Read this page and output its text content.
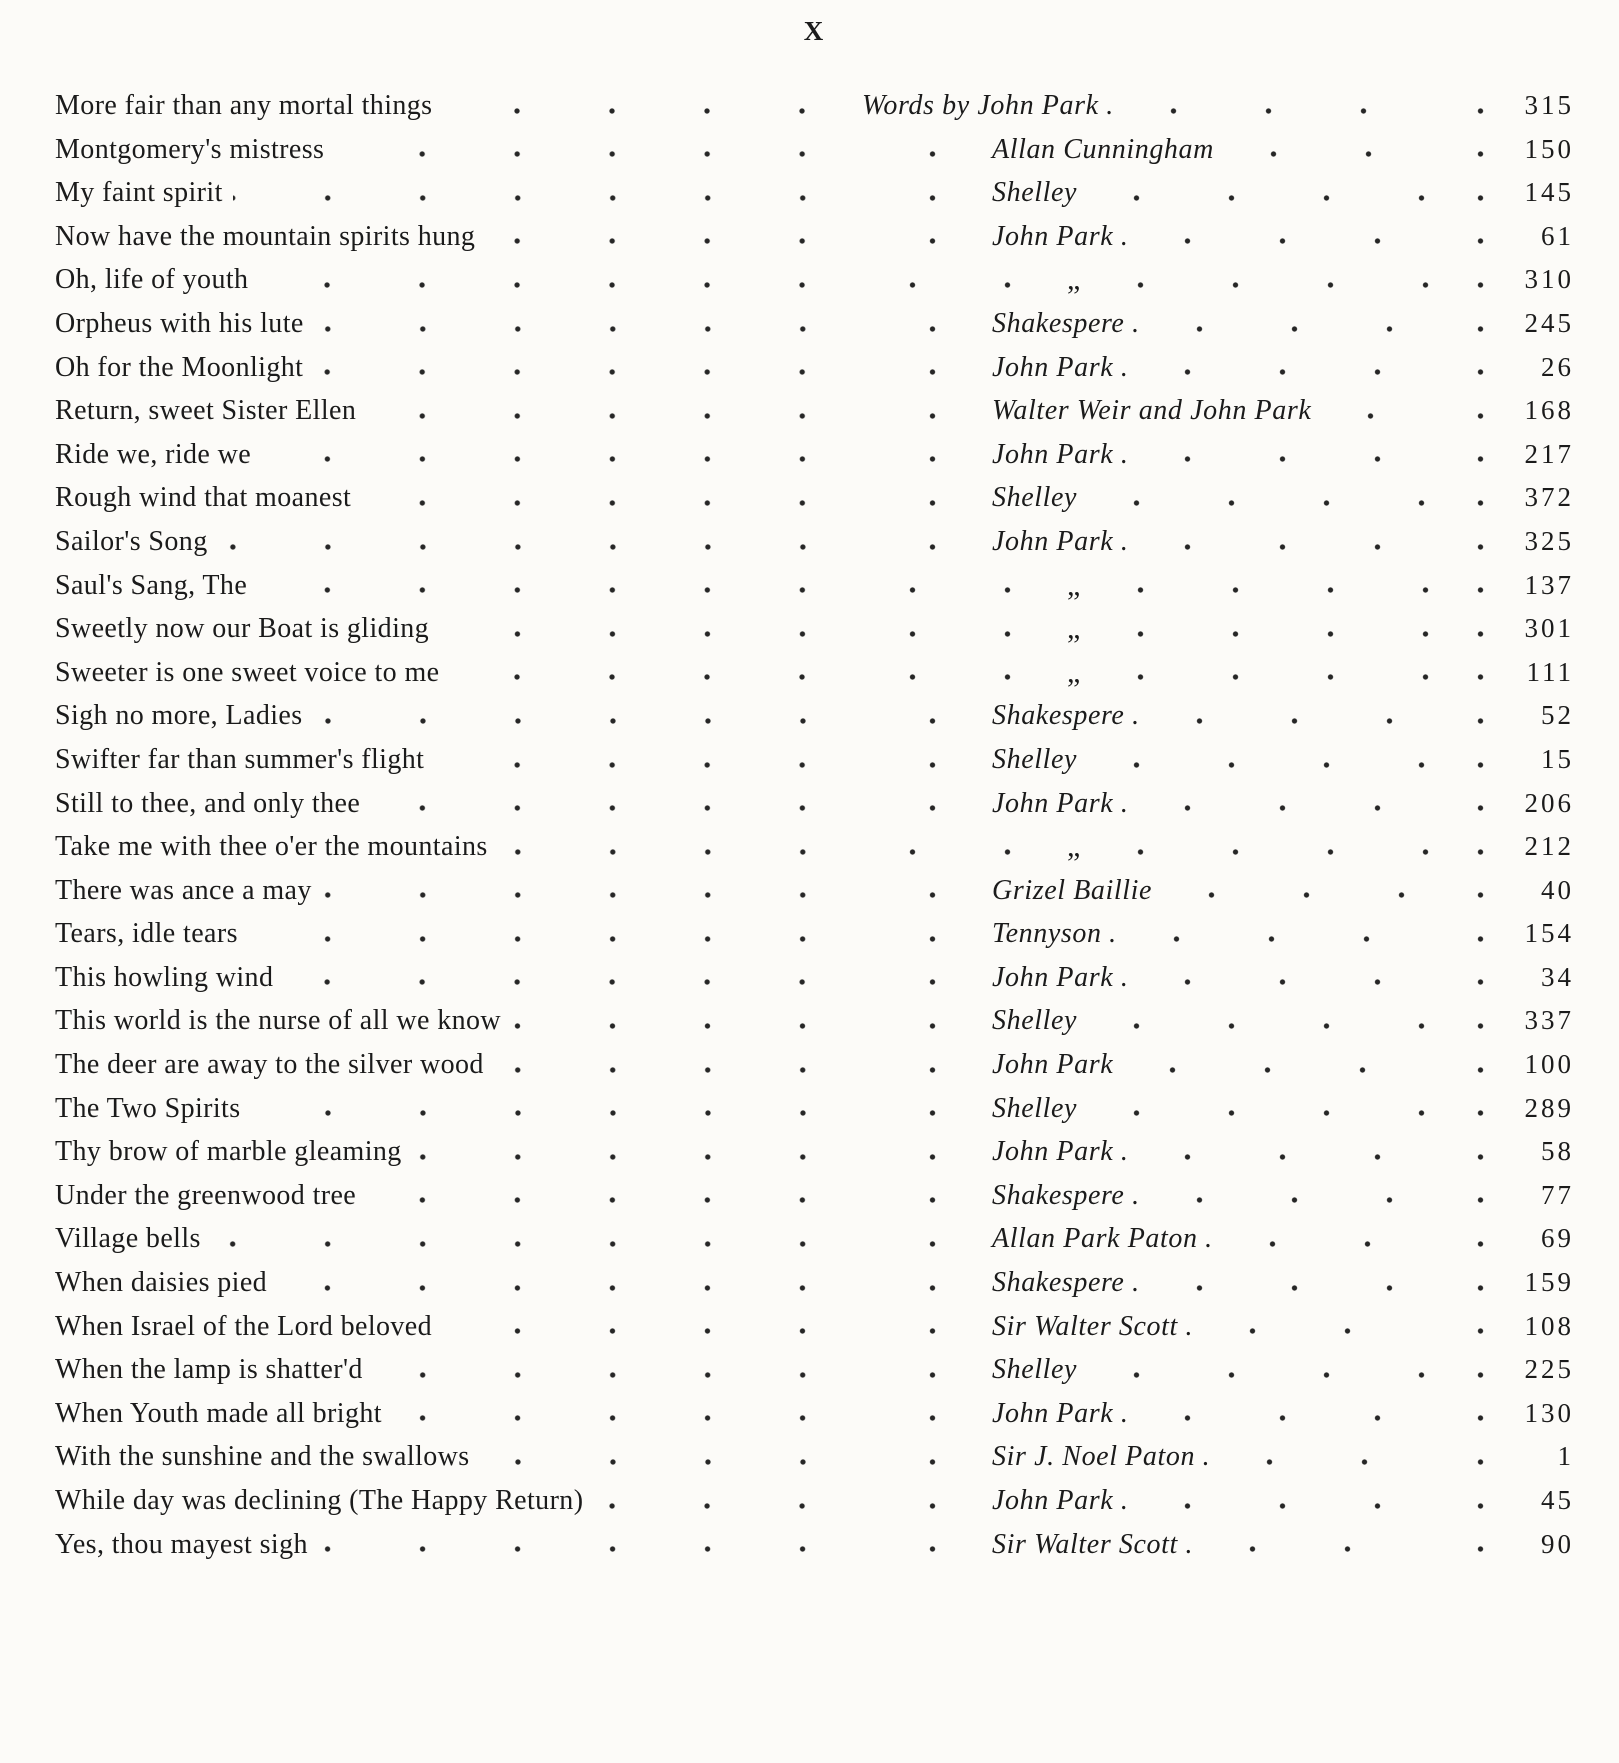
X
More fair than any mortal things	Words by John Park .	315
Montgomery's mistress	Allan Cunningham	150
My faint spirit	Shelley	145
Now have the mountain spirits hung	John Park .	61
Oh, life of youth	„	310
Orpheus with his lute	Shakespere .	245
Oh for the Moonlight	John Park .	26
Return, sweet Sister Ellen	Walter Weir and John Park	168
Ride we, ride we	John Park .	217
Rough wind that moanest	Shelley	372
Sailor's Song	John Park .	325
Saul's Sang, The	„	137
Sweetly now our Boat is gliding	„	301
Sweeter is one sweet voice to me	„	111
Sigh no more, Ladies	Shakespere .	52
Swifter far than summer's flight	Shelley	15
Still to thee, and only thee	John Park .	206
Take me with thee o'er the mountains	„	212
There was ance a may	Grizel Baillie	40
Tears, idle tears	Tennyson .	154
This howling wind	John Park .	34
This world is the nurse of all we know	Shelley	337
The deer are away to the silver wood	John Park	100
The Two Spirits	Shelley	289
Thy brow of marble gleaming	John Park .	58
Under the greenwood tree	Shakespere .	77
Village bells	Allan Park Paton .	69
When daisies pied	Shakespere .	159
When Israel of the Lord beloved	Sir Walter Scott .	108
When the lamp is shatter'd	Shelley	225
When Youth made all bright	John Park .	130
With the sunshine and the swallows	Sir J. Noel Paton .	1
While day was declining (The Happy Return)	John Park .	45
Yes, thou mayest sigh	Sir Walter Scott .	90
